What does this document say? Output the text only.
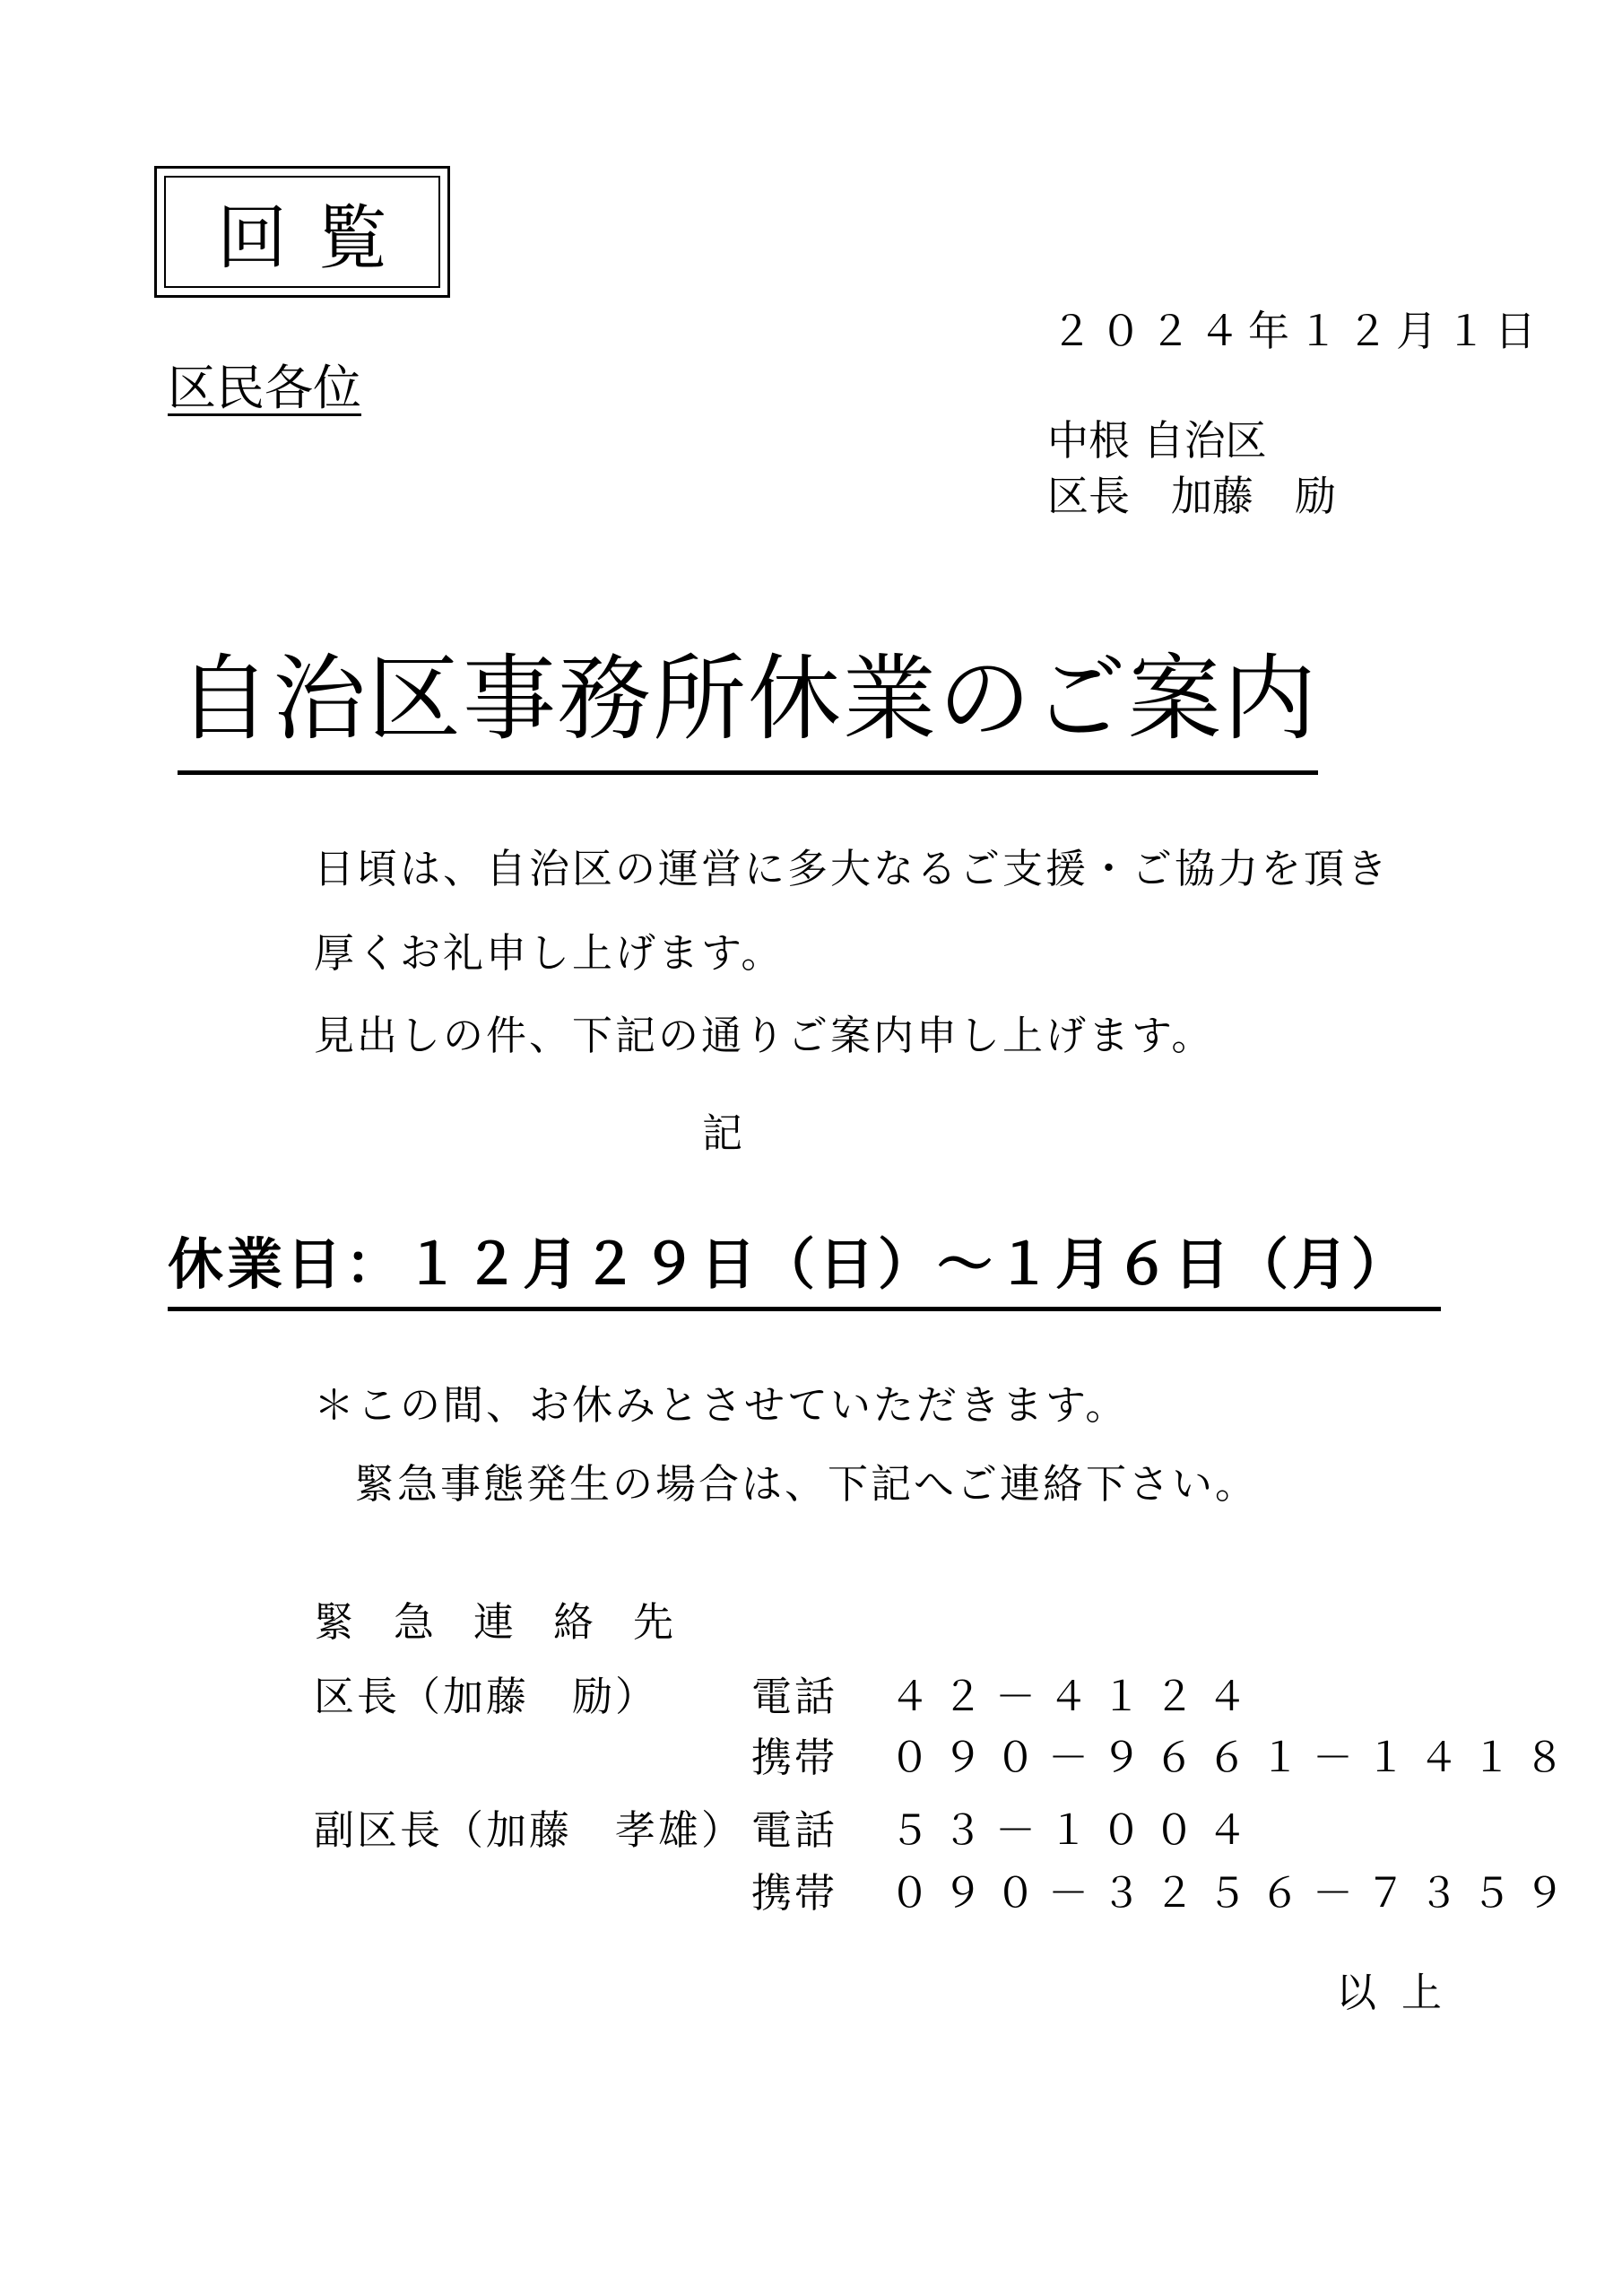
回覧
２０２４年１２月１日
区民各位
中根 自治区
区長　加藤　励
自治区事務所休業のご案内
日頃は、自治区の運営に多大なるご支援・ご協力を頂き
厚くお礼申し上げます。
見出しの件、下記の通りご案内申し上げます。
記
休業日：１２月２９日（日）～１月６日（月）
＊この間、お休みとさせていただきます。
緊急事態発生の場合は、下記へご連絡下さい。
緊急連絡先
区長（加藤　励） 電話 ４２－４１２４
携帯 ０９０－９６６１－１４１８
副区長（加藤　孝雄） 電話 ５３－１００４
携帯 ０９０－３２５６－７３５９
以上
